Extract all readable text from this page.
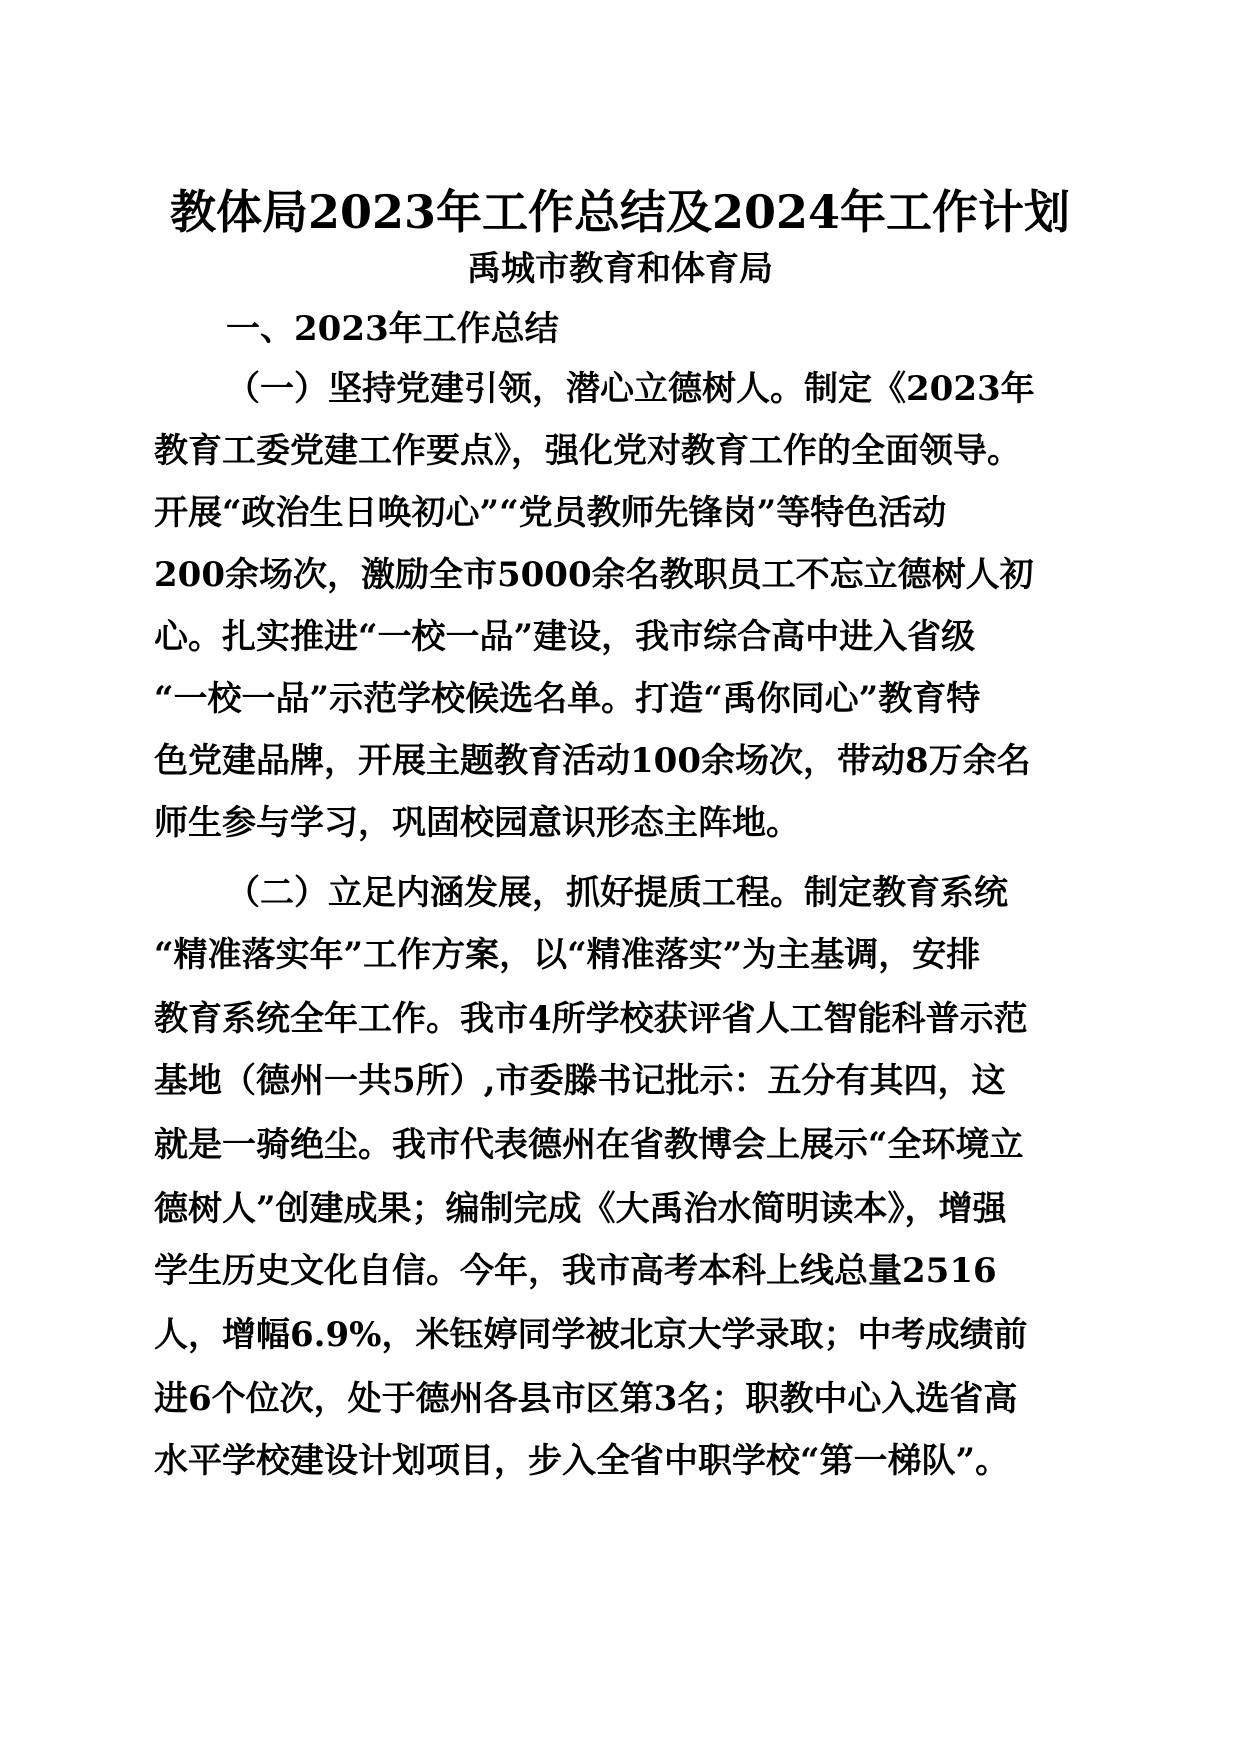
教体局2023年工作总结及2024年工作计划
禹城市教育和体育局
一、2023年工作总结
（一）坚持党建引领，潜心立德树人。制定《2023年
教育工委党建工作要点》，强化党对教育工作的全面领导。
开展“政治生日唤初心”“党员教师先锋岗”等特色活动
200余场次，激励全市5000余名教职员工不忘立德树人初
心。扎实推进“一校一品”建设，我市综合高中进入省级
“一校一品”示范学校候选名单。打造“禹你同心”教育特
色党建品牌，开展主题教育活动100余场次，带动8万余名
师生参与学习，巩固校园意识形态主阵地。
（二）立足内涵发展，抓好提质工程。制定教育系统
“精准落实年”工作方案，以“精准落实”为主基调，安排
教育系统全年工作。我市4所学校获评省人工智能科普示范
基地（德州一共5所）,市委滕书记批示：五分有其四，这
就是一骑绝尘。我市代表德州在省教博会上展示“全环境立
德树人”创建成果；编制完成《大禹治水简明读本》，增强
学生历史文化自信。今年，我市高考本科上线总量2516
人，增幅6.9%，米钰婷同学被北京大学录取；中考成绩前
进6个位次，处于德州各县市区第3名；职教中心入选省高
水平学校建设计划项目，步入全省中职学校“第一梯队”。
